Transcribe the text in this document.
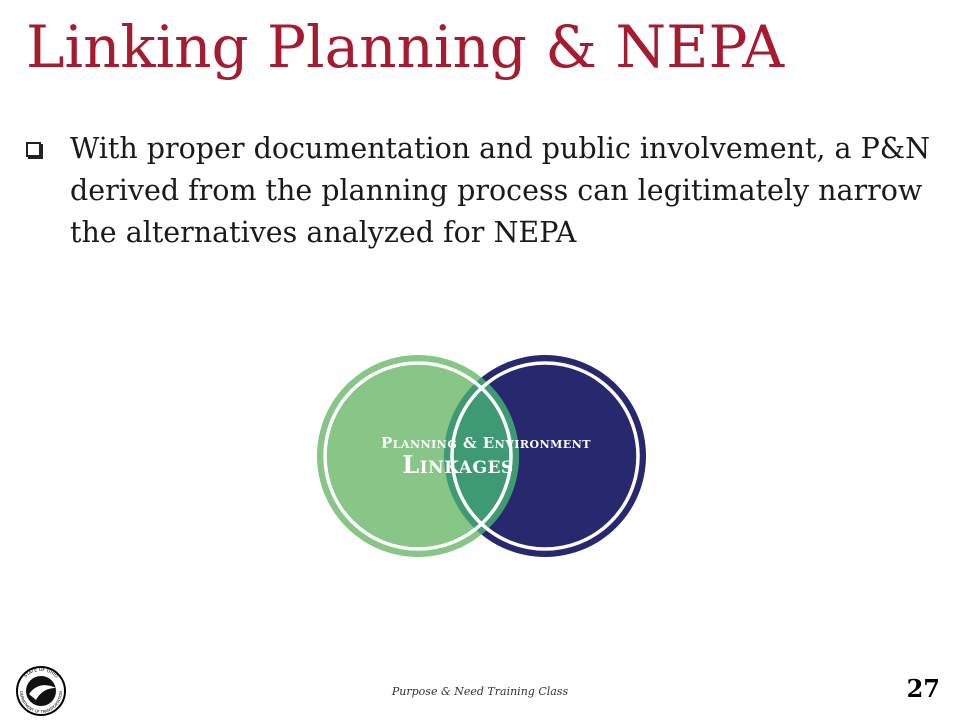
Linking Planning & NEPA
With proper documentation and public involvement, a P&N derived from the planning process can legitimately narrow the alternatives analyzed for NEPA
Planning & Environment
Linkages
STATE OF OHIO
DEPARTMENT OF TRANSPORTATION	Purpose & Need Training Class	27
